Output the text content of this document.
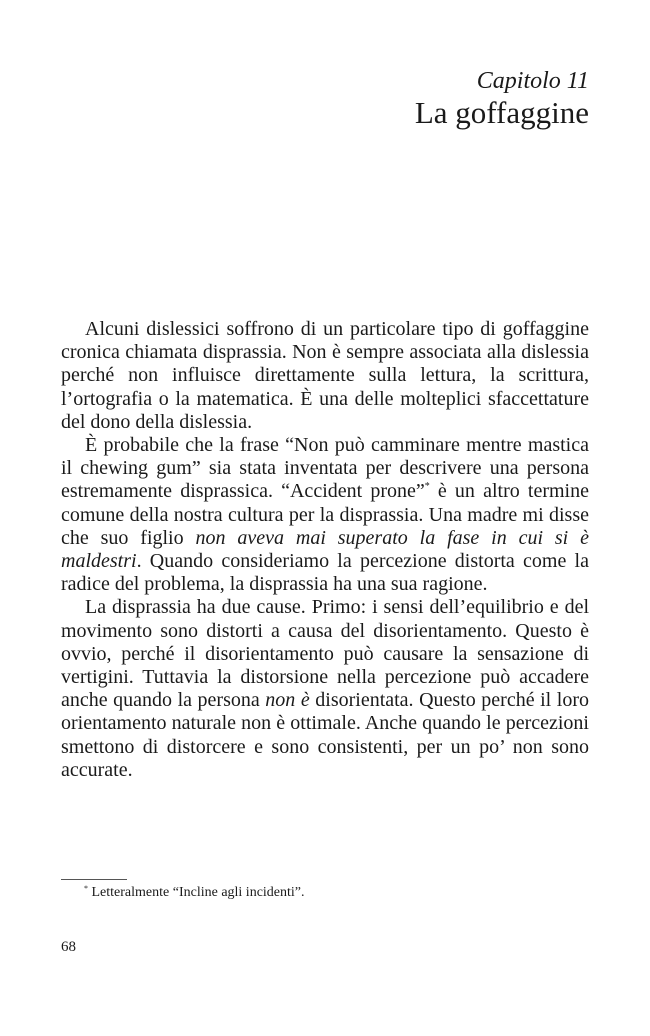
Capitolo 11
La goffaggine

Alcuni dislessici soffrono di un particolare tipo di goffaggine cronica chiamata disprassia. Non è sempre associata alla dislessia perché non influisce direttamente sulla lettura, la scrittura, l’ortografia o la matematica. È una delle molteplici sfaccettature del dono della dislessia.

È probabile che la frase “Non può camminare mentre mastica il chewing gum” sia stata inventata per descrivere una persona estremamente disprassica. “Accident prone”* è un altro termine comune della nostra cultura per la disprassia. Una madre mi disse che suo figlio non aveva mai superato la fase in cui si è maldestri. Quando consideriamo la percezione distorta come la radice del problema, la disprassia ha una sua ragione.

La disprassia ha due cause. Primo: i sensi dell’equilibrio e del movimento sono distorti a causa del disorientamento. Questo è ovvio, perché il disorientamento può causare la sensazione di vertigini. Tuttavia la distorsione nella percezione può accadere anche quando la persona non è disorientata. Questo perché il loro orientamento naturale non è ottimale. Anche quando le percezioni smettono di distorcere e sono consistenti, per un po’ non sono accurate.

* Letteralmente “Incline agli incidenti”.
68
